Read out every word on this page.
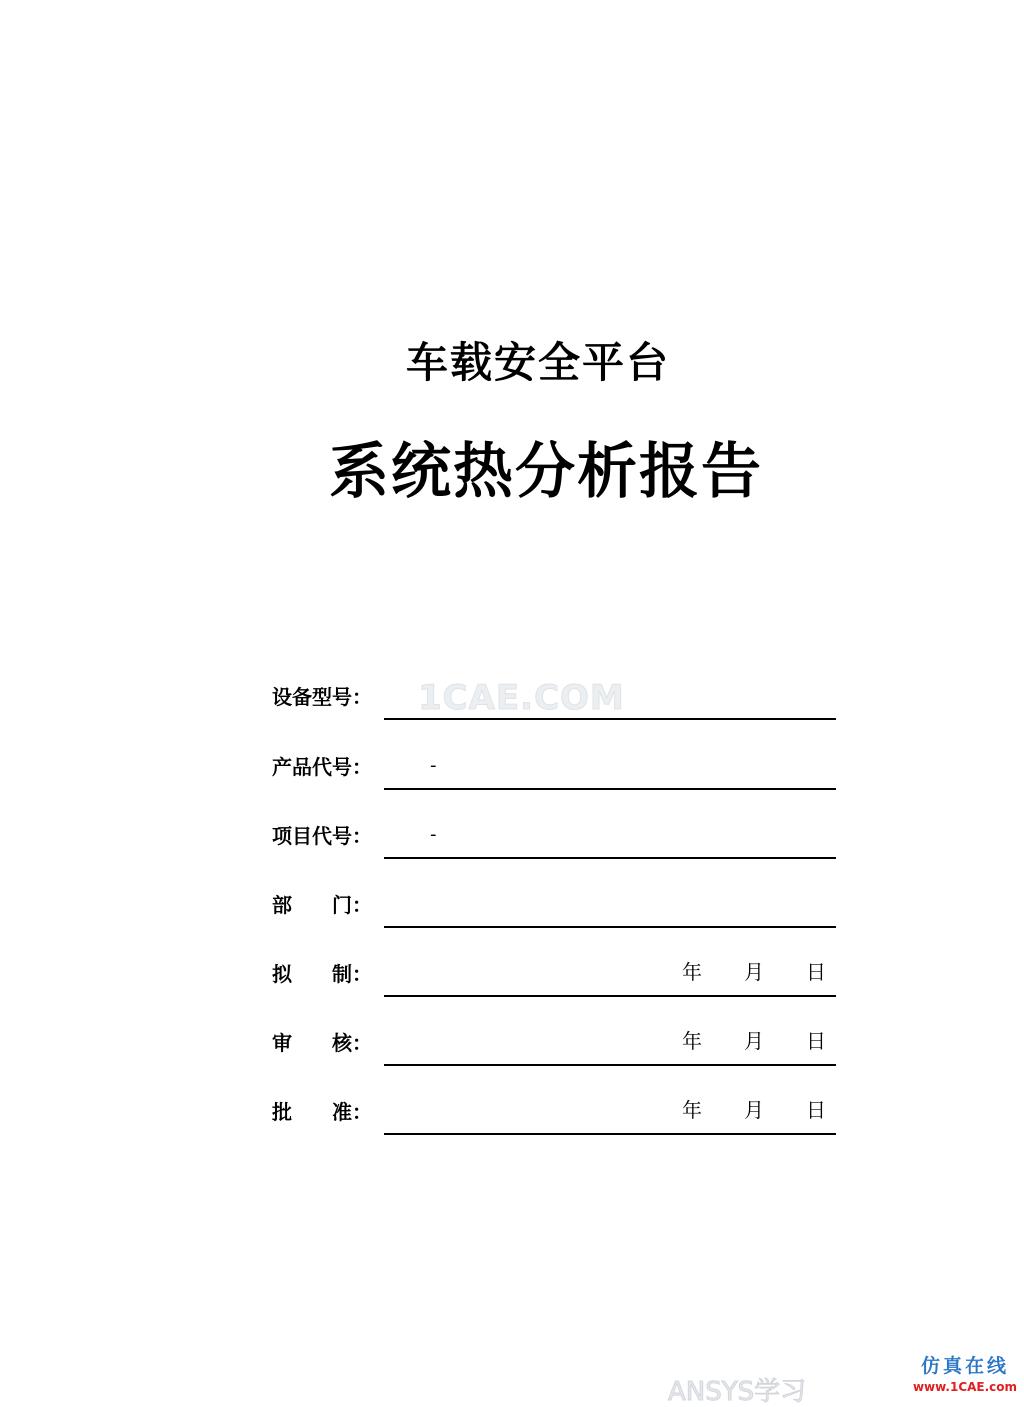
车载安全平台
系统热分析报告
1CAE.COM
设备型号：
产品代号：	-
项目代号：	-
部 门：
拟 制：	年 月 日
审 核：	年 月 日
批 准：	年 月 日
ANSYS学习
仿真在线
www.1CAE.com
